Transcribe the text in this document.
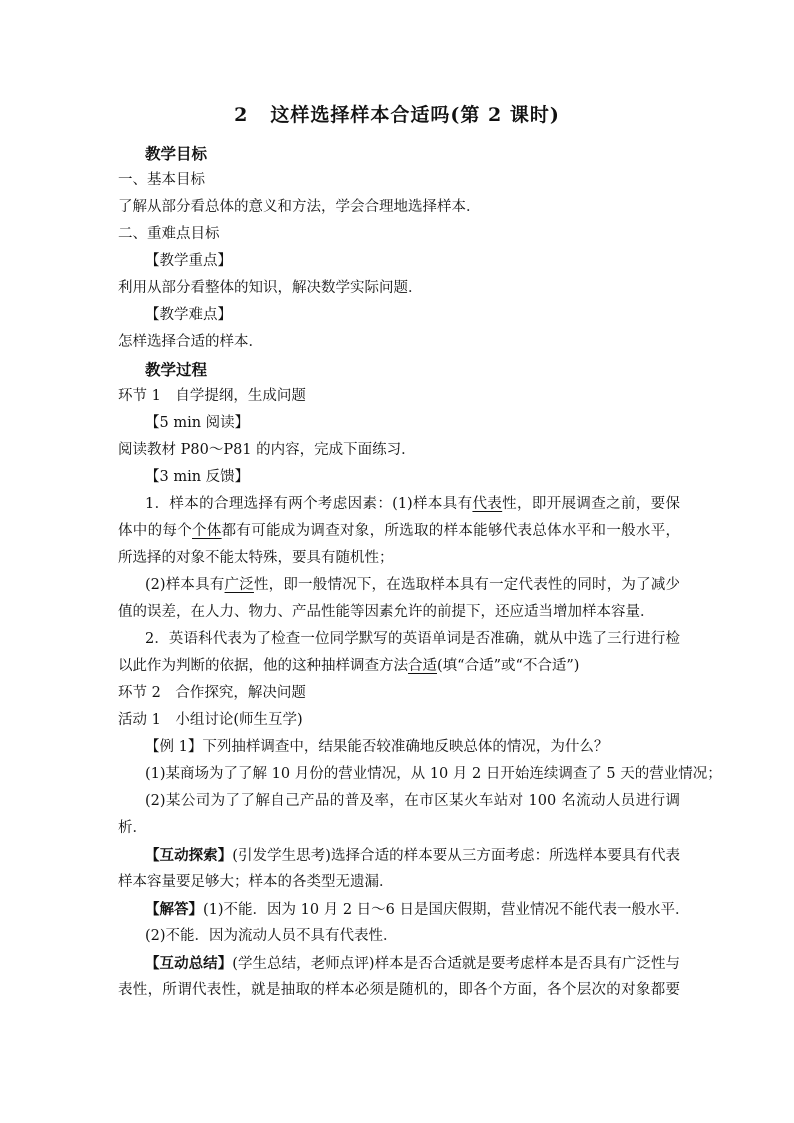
2 这样选择样本合适吗(第 2 课时)
教学目标
一、基本目标
了解从部分看总体的意义和方法，学会合理地选择样本．
二、重难点目标
【教学重点】
利用从部分看整体的知识，解决数学实际问题．
【教学难点】
怎样选择合适的样本．
教学过程
环节 1　自学提纲，生成问题
【5 min 阅读】
阅读教材 P80～P81 的内容，完成下面练习．
【3 min 反馈】
1．样本的合理选择有两个考虑因素：(1)样本具有代表性，即开展调查之前，要保
体中的每个个体都有可能成为调查对象，所选取的样本能够代表总体水平和一般水平，
所选择的对象不能太特殊，要具有随机性；
(2)样本具有广泛性，即一般情况下，在选取样本具有一定代表性的同时，为了减少
值的误差，在人力、物力、产品性能等因素允许的前提下，还应适当增加样本容量．
2．英语科代表为了检查一位同学默写的英语单词是否准确，就从中选了三行进行检
以此作为判断的依据，他的这种抽样调查方法合适(填“合适”或“不合适”)
环节 2　合作探究，解决问题
活动 1　小组讨论(师生互学)
【例 1】下列抽样调查中，结果能否较准确地反映总体的情况，为什么？
(1)某商场为了了解 10 月份的营业情况，从 10 月 2 日开始连续调查了 5 天的营业情况；
(2)某公司为了了解自己产品的普及率，在市区某火车站对 100 名流动人员进行调
析．
【互动探索】(引发学生思考)选择合适的样本要从三方面考虑：所选样本要具有代表
样本容量要足够大；样本的各类型无遗漏．
【解答】(1)不能．因为 10 月 2 日～6 日是国庆假期，营业情况不能代表一般水平．
(2)不能．因为流动人员不具有代表性．
【互动总结】(学生总结，老师点评)样本是否合适就是要考虑样本是否具有广泛性与
表性，所谓代表性，就是抽取的样本必须是随机的，即各个方面，各个层次的对象都要
